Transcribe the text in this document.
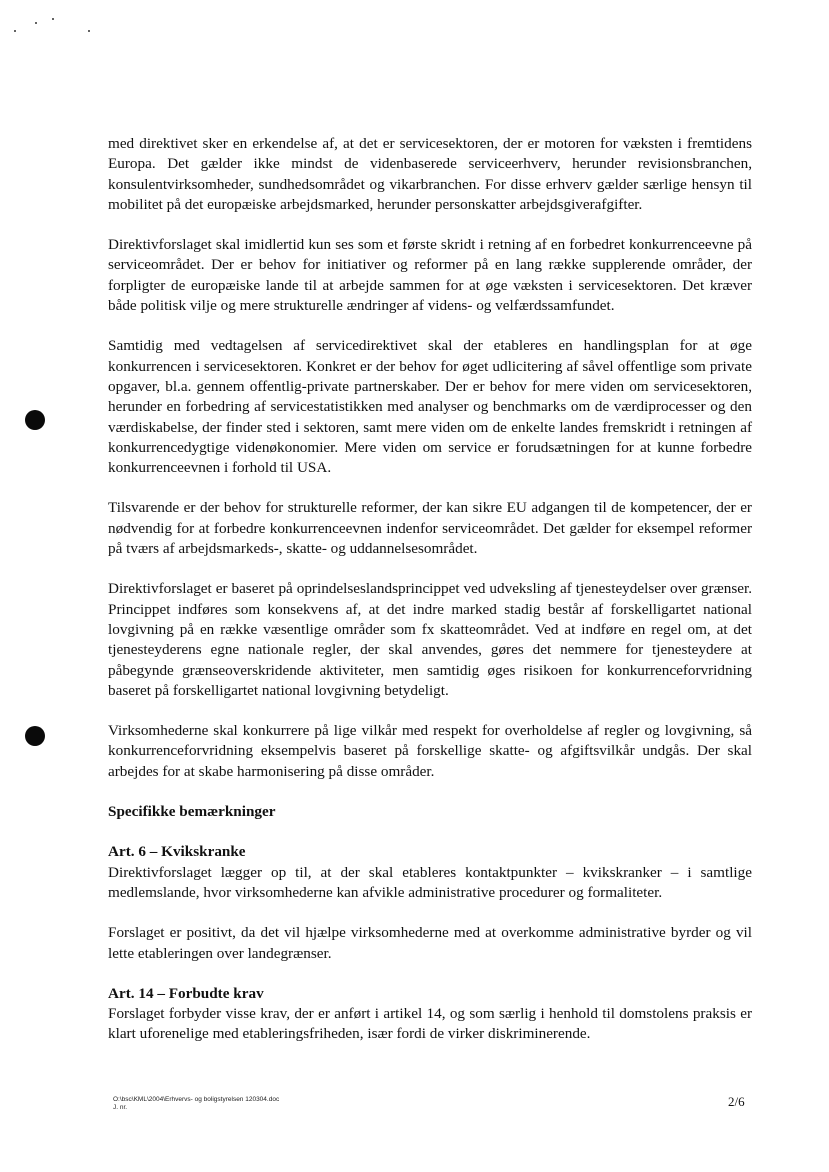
med direktivet sker en erkendelse af, at det er servicesektoren, der er motoren for væksten i fremtidens Europa. Det gælder ikke mindst de videnbaserede serviceerhverv, herunder revisionsbranchen, konsulentvirksomheder, sundhedsområdet og vikarbranchen. For disse erhverv gælder særlige hensyn til mobilitet på det europæiske arbejdsmarked, herunder personskatter arbejdsgiverafgifter.

Direktivforslaget skal imidlertid kun ses som et første skridt i retning af en forbedret konkurrenceevne på serviceområdet. Der er behov for initiativer og reformer på en lang række supplerende områder, der forpligter de europæiske lande til at arbejde sammen for at øge væksten i servicesektoren. Det kræver både politisk vilje og mere strukturelle ændringer af videns- og velfærdssamfundet.

Samtidig med vedtagelsen af servicedirektivet skal der etableres en handlingsplan for at øge konkurrencen i servicesektoren. Konkret er der behov for øget udlicitering af såvel offentlige som private opgaver, bl.a. gennem offentlig-private partnerskaber. Der er behov for mere viden om servicesektoren, herunder en forbedring af servicestatistikken med analyser og benchmarks om de værdiprocesser og den værdiskabelse, der finder sted i sektoren, samt mere viden om de enkelte landes fremskridt i retningen af konkurrencedygtige videnøkonomier. Mere viden om service er forudsætningen for at kunne forbedre konkurrenceevnen i forhold til USA.

Tilsvarende er der behov for strukturelle reformer, der kan sikre EU adgangen til de kompetencer, der er nødvendig for at forbedre konkurrenceevnen indenfor serviceområdet. Det gælder for eksempel reformer på tværs af arbejdsmarkeds-, skatte- og uddannelsesområdet.

Direktivforslaget er baseret på oprindelseslandsprincippet ved udveksling af tjenesteydelser over grænser. Princippet indføres som konsekvens af, at det indre marked stadig består af forskelligartet national lovgivning på en række væsentlige områder som fx skatteområdet. Ved at indføre en regel om, at det tjenesteyderens egne nationale regler, der skal anvendes, gøres det nemmere for tjenesteydere at påbegynde grænseoverskridende aktiviteter, men samtidig øges risikoen for konkurrenceforvridning baseret på forskelligartet national lovgivning betydeligt.

Virksomhederne skal konkurrere på lige vilkår med respekt for overholdelse af regler og lovgivning, så konkurrenceforvridning eksempelvis baseret på forskellige skatte- og afgiftsvilkår undgås. Der skal arbejdes for at skabe harmonisering på disse områder.

Specifikke bemærkninger

Art. 6 – Kvikskranke

Direktivforslaget lægger op til, at der skal etableres kontaktpunkter – kvikskranker – i samtlige medlemslande, hvor virksomhederne kan afvikle administrative procedurer og formaliteter.

Forslaget er positivt, da det vil hjælpe virksomhederne med at overkomme administrative byrder og vil lette etableringen over landegrænser.

Art. 14 – Forbudte krav

Forslaget forbyder visse krav, der er anført i artikel 14, og som særlig i henhold til domstolens praksis er klart uforenelige med etableringsfriheden, især fordi de virker diskriminerende.

O:\bsc\KML\2004\Erhvervs- og boligstyrelsen 120304.doc
J. nr.	2/6
